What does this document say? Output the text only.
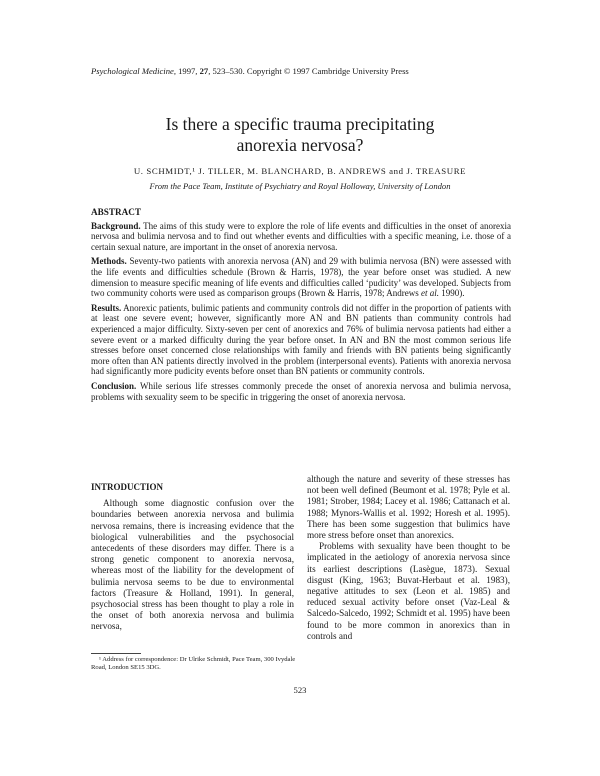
Psychological Medicine, 1997, 27, 523–530. Copyright © 1997 Cambridge University Press
Is there a specific trauma precipitating
anorexia nervosa?
U. SCHMIDT,¹ J. TILLER, M. BLANCHARD, B. ANDREWS and J. TREASURE
From the Pace Team, Institute of Psychiatry and Royal Holloway, University of London
ABSTRACT
Background. The aims of this study were to explore the role of life events and difficulties in the onset of anorexia nervosa and bulimia nervosa and to find out whether events and difficulties with a specific meaning, i.e. those of a certain sexual nature, are important in the onset of anorexia nervosa.
Methods. Seventy-two patients with anorexia nervosa (AN) and 29 with bulimia nervosa (BN) were assessed with the life events and difficulties schedule (Brown & Harris, 1978), the year before onset was studied. A new dimension to measure specific meaning of life events and difficulties called ‘pudicity’ was developed. Subjects from two community cohorts were used as comparison groups (Brown & Harris, 1978; Andrews et al. 1990).
Results. Anorexic patients, bulimic patients and community controls did not differ in the proportion of patients with at least one severe event; however, significantly more AN and BN patients than community controls had experienced a major difficulty. Sixty-seven per cent of anorexics and 76% of bulimia nervosa patients had either a severe event or a marked difficulty during the year before onset. In AN and BN the most common serious life stresses before onset concerned close relationships with family and friends with BN patients being significantly more often than AN patients directly involved in the problem (interpersonal events). Patients with anorexia nervosa had significantly more pudicity events before onset than BN patients or community controls.
Conclusion. While serious life stresses commonly precede the onset of anorexia nervosa and bulimia nervosa, problems with sexuality seem to be specific in triggering the onset of anorexia nervosa.
INTRODUCTION
Although some diagnostic confusion over the boundaries between anorexia nervosa and bulimia nervosa remains, there is increasing evidence that the biological vulnerabilities and the psychosocial antecedents of these disorders may differ. There is a strong genetic component to anorexia nervosa, whereas most of the liability for the development of bulimia nervosa seems to be due to environmental factors (Treasure & Holland, 1991). In general, psychosocial stress has been thought to play a role in the onset of both anorexia nervosa and bulimia nervosa,
although the nature and severity of these stresses has not been well defined (Beumont et al. 1978; Pyle et al. 1981; Strober, 1984; Lacey et al. 1986; Cattanach et al. 1988; Mynors-Wallis et al. 1992; Horesh et al. 1995). There has been some suggestion that bulimics have more stress before onset than anorexics.
Problems with sexuality have been thought to be implicated in the aetiology of anorexia nervosa since its earliest descriptions (Lasègue, 1873). Sexual disgust (King, 1963; Buvat-Herbaut et al. 1983), negative attitudes to sex (Leon et al. 1985) and reduced sexual activity before onset (Vaz-Leal & Salcedo-Salcedo, 1992; Schmidt et al. 1995) have been found to be more common in anorexics than in controls and
¹ Address for correspondence: Dr Ulrike Schmidt, Pace Team, 300 Ivydale Road, London SE15 3DG.
523
